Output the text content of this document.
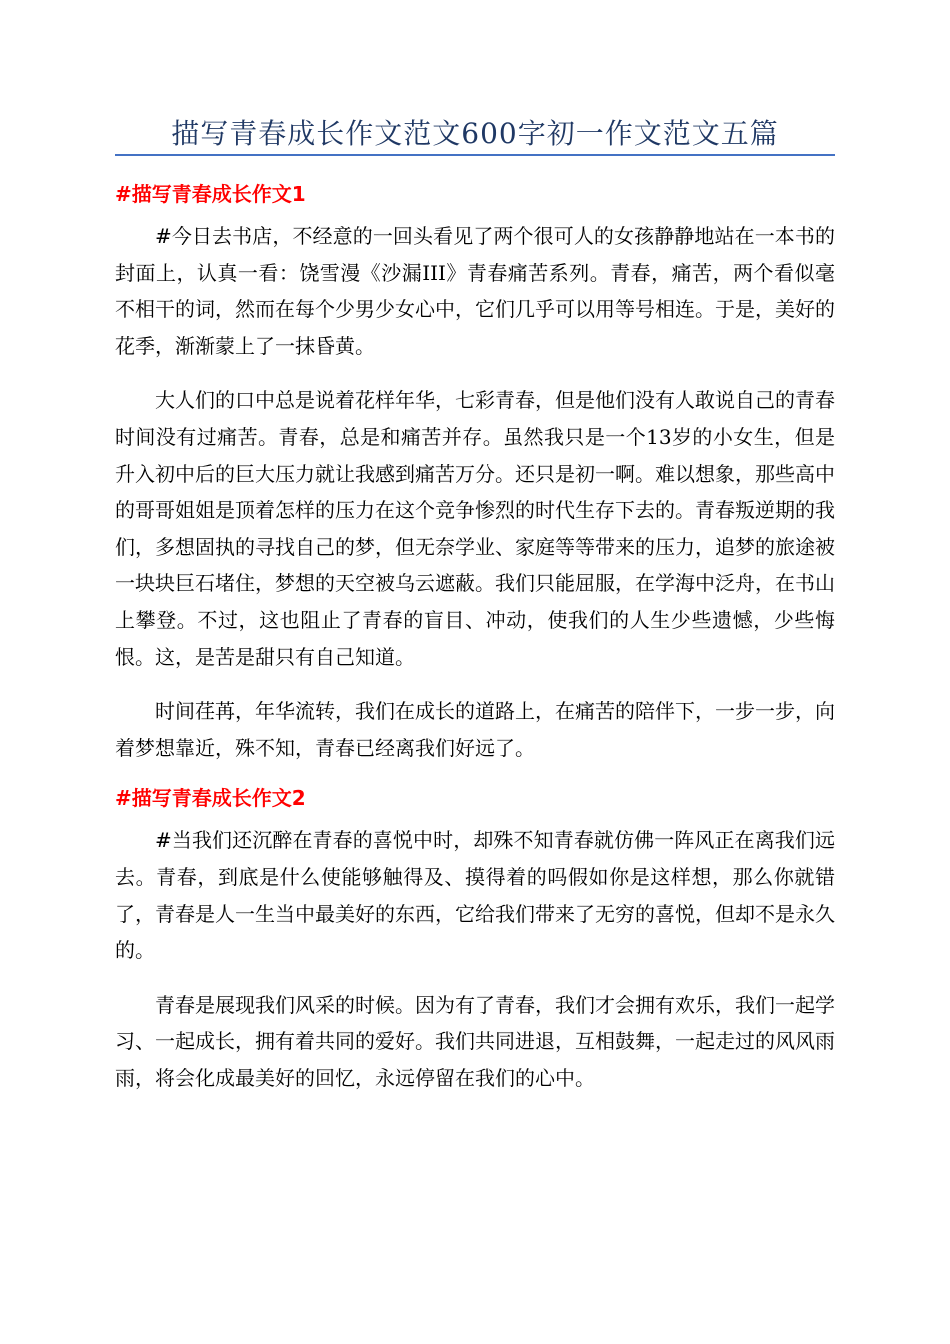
描写青春成长作文范文600字初一作文范文五篇
#描写青春成长作文1

#今日去书店，不经意的一回头看见了两个很可人的女孩静静地站在一本书的封面上，认真一看：饶雪漫《沙漏III》青春痛苦系列。青春，痛苦，两个看似毫不相干的词，然而在每个少男少女心中，它们几乎可以用等号相连。于是，美好的花季，渐渐蒙上了一抹昏黄。

大人们的口中总是说着花样年华，七彩青春，但是他们没有人敢说自己的青春时间没有过痛苦。青春，总是和痛苦并存。虽然我只是一个13岁的小女生，但是升入初中后的巨大压力就让我感到痛苦万分。还只是初一啊。难以想象，那些高中的哥哥姐姐是顶着怎样的压力在这个竞争惨烈的时代生存下去的。青春叛逆期的我们，多想固执的寻找自己的梦，但无奈学业、家庭等等带来的压力，追梦的旅途被一块块巨石堵住，梦想的天空被乌云遮蔽。我们只能屈服，在学海中泛舟，在书山上攀登。不过，这也阻止了青春的盲目、冲动，使我们的人生少些遗憾，少些悔恨。这，是苦是甜只有自己知道。

时间荏苒，年华流转，我们在成长的道路上，在痛苦的陪伴下，一步一步，向着梦想靠近，殊不知，青春已经离我们好远了。

#描写青春成长作文2

#当我们还沉醉在青春的喜悦中时，却殊不知青春就仿佛一阵风正在离我们远去。青春，到底是什么使能够触得及、摸得着的吗假如你是这样想，那么你就错了，青春是人一生当中最美好的东西，它给我们带来了无穷的喜悦，但却不是永久的。

青春是展现我们风采的时候。因为有了青春，我们才会拥有欢乐，我们一起学习、一起成长，拥有着共同的爱好。我们共同进退，互相鼓舞，一起走过的风风雨雨，将会化成最美好的回忆，永远停留在我们的心中。
